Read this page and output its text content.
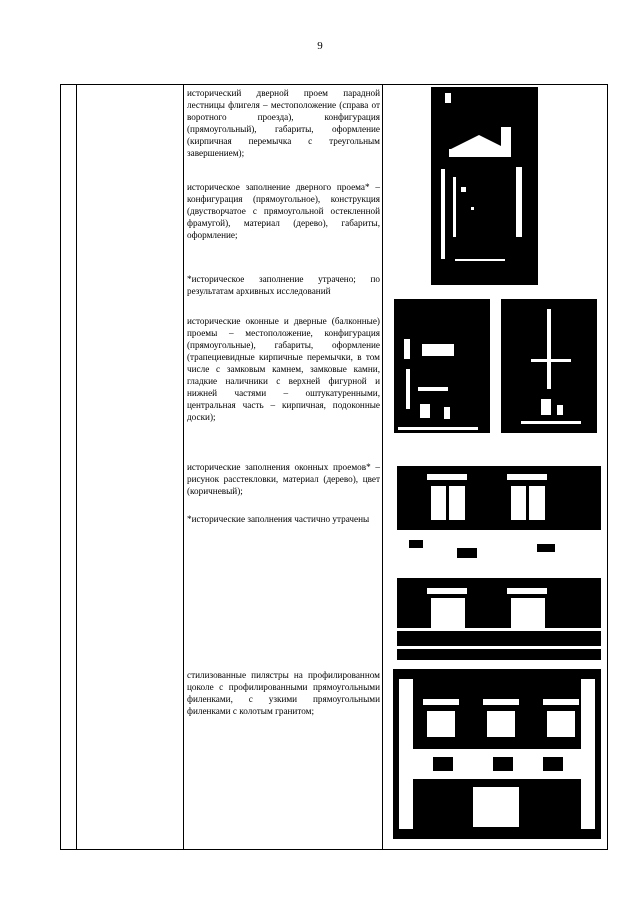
9
исторический дверной проем парадной лестницы флигеля – местоположение (справа от воротного проезда), конфигурация (прямоугольный), габариты, оформление (кирпичная перемычка с треугольным завершением);
историческое заполнение дверного проема* – конфигурация (прямоугольное), конструкция (двустворчатое с прямоугольной остекленной фрамугой), материал (дерево), габариты, оформление;
*историческое заполнение утрачено; по результатам архивных исследований
исторические оконные и дверные (балконные) проемы – местоположение, конфигурация (прямоугольные), габариты, оформление (трапециевидные кирпичные перемычки, в том числе с замковым камнем, замковые камни, гладкие наличники с верхней фигурной и нижней частями – оштукатуренными, центральная часть – кирпичная, подоконные доски);
исторические заполнения оконных проемов* – рисунок расстекловки, материал (дерево), цвет (коричневый);
*исторические заполнения частично утрачены
стилизованные пилястры на профилированном цоколе с профилированными прямоугольными филенками, с узкими прямоугольными филенками с колотым гранитом;
